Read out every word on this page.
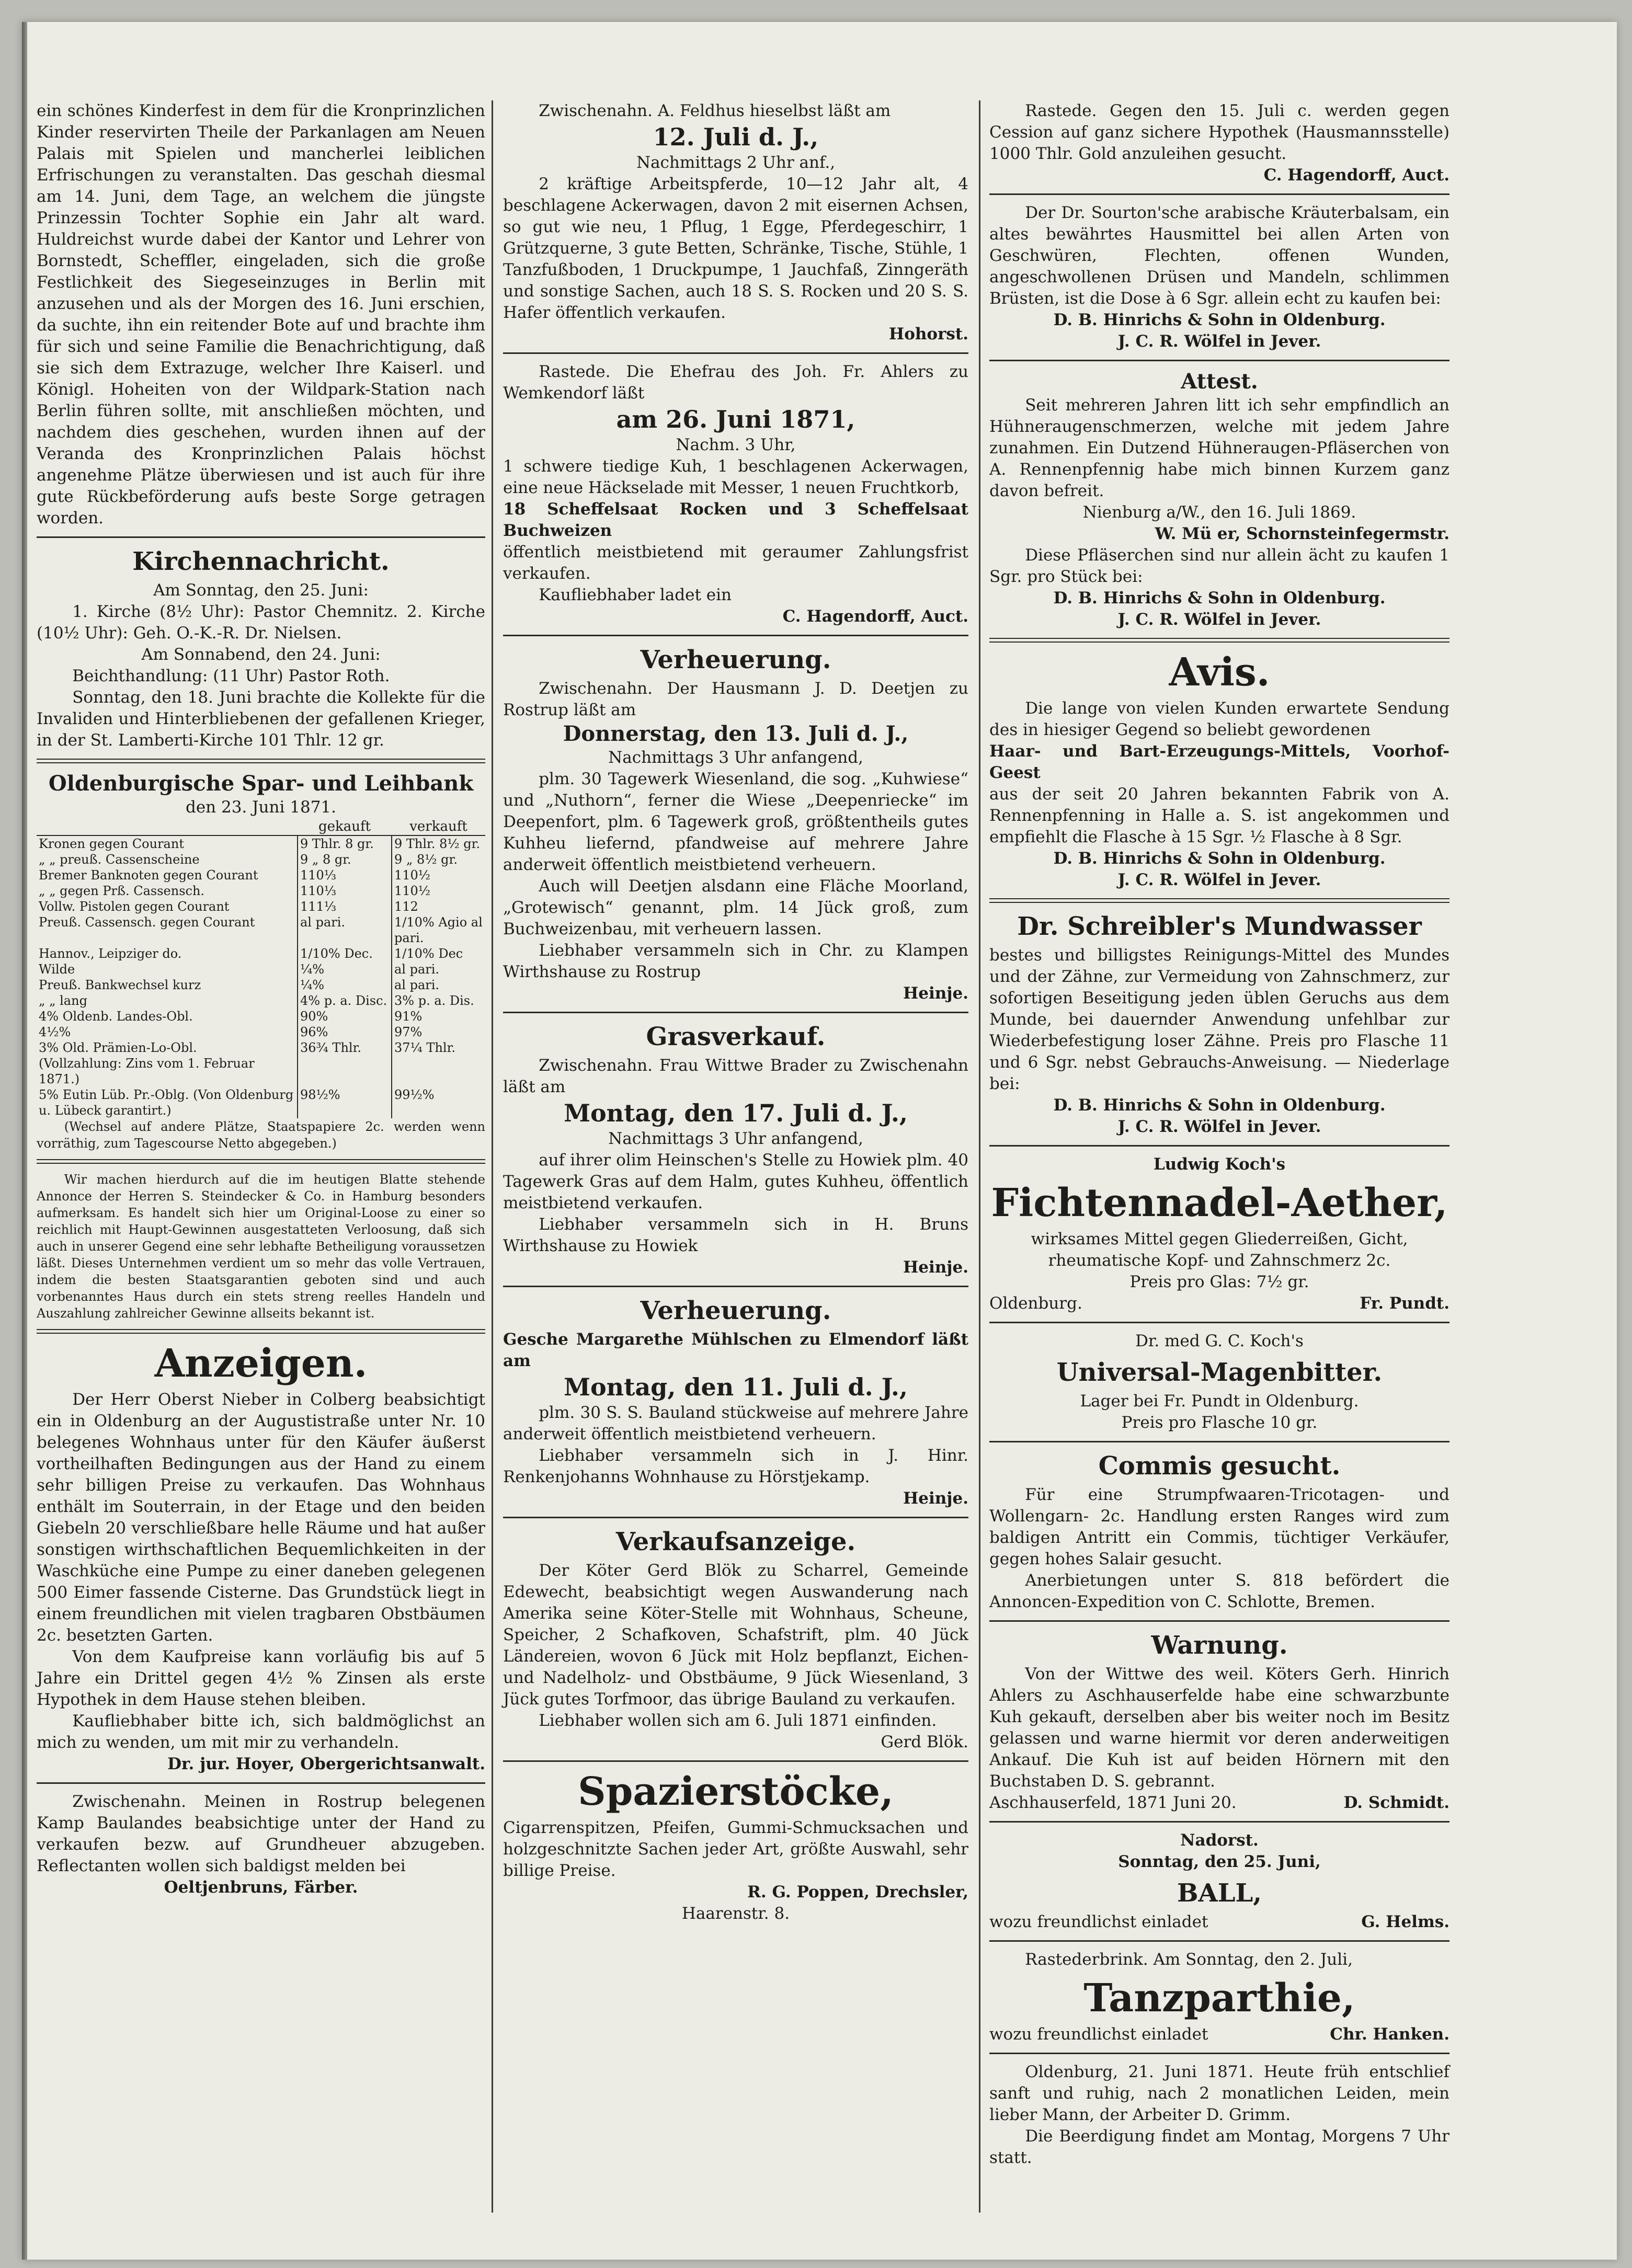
ein schönes Kinderfest in dem für die Kronprinzlichen Kinder reservirten Theile der Parkanlagen am Neuen Palais mit Spielen und mancherlei leiblichen Erfrischungen zu veranstalten. Das geschah diesmal am 14. Juni, dem Tage, an welchem die jüngste Prinzessin Tochter Sophie ein Jahr alt ward. Huldreichst wurde dabei der Kantor und Lehrer von Bornstedt, Scheffler, eingeladen, sich die große Festlichkeit des Siegeseinzuges in Berlin mit anzusehen und als der Morgen des 16. Juni erschien, da suchte, ihn ein reitender Bote auf und brachte ihm für sich und seine Familie die Benachrichtigung, daß sie sich dem Extrazuge, welcher Ihre Kaiserl. und Königl. Hoheiten von der Wildpark-Station nach Berlin führen sollte, mit anschließen möchten, und nachdem dies geschehen, wurden ihnen auf der Veranda des Kronprinzlichen Palais höchst angenehme Plätze überwiesen und ist auch für ihre gute Rückbeförderung aufs beste Sorge getragen worden.

Kirchennachricht.

Am Sonntag, den 25. Juni:

1. Kirche (8½ Uhr): Pastor Chemnitz. 2. Kirche (10½ Uhr): Geh. O.-K.-R. Dr. Nielsen.

Am Sonnabend, den 24. Juni:

Beichthandlung: (11 Uhr) Pastor Roth.

Sonntag, den 18. Juni brachte die Kollekte für die Invaliden und Hinterbliebenen der gefallenen Krieger, in der St. Lamberti-Kirche 101 Thlr. 12 gr.

Oldenburgische Spar- und Leihbank

den 23. Juni 1871.

	gekauft	verkauft
Kronen gegen Courant	9 Thlr. 8 gr.	9 Thlr. 8½ gr.
„ „ preuß. Cassenscheine	9 „ 8 gr.	9 „ 8½ gr.
Bremer Banknoten gegen Courant	110⅓	110½
„ „ gegen Prß. Cassensch.	110⅓	110½
Vollw. Pistolen gegen Courant	111⅓	112
Preuß. Cassensch. gegen Courant	al pari.	1/10% Agio al pari.
Hannov., Leipziger do.	1/10% Dec.	1/10% Dec
Wilde	¼%	al pari.
Preuß. Bankwechsel kurz	¼%	al pari.
„ „ lang	4% p. a. Disc.	3% p. a. Dis.
4% Oldenb. Landes-Obl.	90%	91%
4½%	96%	97%
3% Old. Prämien-Lo-Obl.	36¾ Thlr.	37¼ Thlr.
(Vollzahlung: Zins vom 1. Februar 1871.)		
5% Eutin Lüb. Pr.-Oblg. (Von Oldenburg u. Lübeck garantirt.)	98½%	99½%

(Wechsel auf andere Plätze, Staatspapiere 2c. werden wenn vorräthig, zum Tagescourse Netto abgegeben.)

Wir machen hierdurch auf die im heutigen Blatte stehende Annonce der Herren S. Steindecker & Co. in Hamburg besonders aufmerksam. Es handelt sich hier um Original-Loose zu einer so reichlich mit Haupt-Gewinnen ausgestatteten Verloosung, daß sich auch in unserer Gegend eine sehr lebhafte Betheiligung voraussetzen läßt. Dieses Unternehmen verdient um so mehr das volle Vertrauen, indem die besten Staatsgarantien geboten sind und auch vorbenanntes Haus durch ein stets streng reelles Handeln und Auszahlung zahlreicher Gewinne allseits bekannt ist.

Anzeigen.

Der Herr Oberst Nieber in Colberg beabsichtigt ein in Oldenburg an der Augustistraße unter Nr. 10 belegenes Wohnhaus unter für den Käufer äußerst vortheilhaften Bedingungen aus der Hand zu einem sehr billigen Preise zu verkaufen. Das Wohnhaus enthält im Souterrain, in der Etage und den beiden Giebeln 20 verschließbare helle Räume und hat außer sonstigen wirthschaftlichen Bequemlichkeiten in der Waschküche eine Pumpe zu einer daneben gelegenen 500 Eimer fassende Cisterne. Das Grundstück liegt in einem freundlichen mit vielen tragbaren Obstbäumen 2c. besetzten Garten.

Von dem Kaufpreise kann vorläufig bis auf 5 Jahre ein Drittel gegen 4½ % Zinsen als erste Hypothek in dem Hause stehen bleiben.

Kaufliebhaber bitte ich, sich baldmöglichst an mich zu wenden, um mit mir zu verhandeln.

Dr. jur. Hoyer, Obergerichtsanwalt.

Zwischenahn. Meinen in Rostrup belegenen Kamp Baulandes beabsichtige unter der Hand zu verkaufen bezw. auf Grundheuer abzugeben. Reflectanten wollen sich baldigst melden bei

Oeltjenbruns, Färber.

Zwischenahn. A. Feldhus hieselbst läßt am

12. Juli d. J.,

Nachmittags 2 Uhr anf.,

2 kräftige Arbeitspferde, 10—12 Jahr alt, 4 beschlagene Ackerwagen, davon 2 mit eisernen Achsen, so gut wie neu, 1 Pflug, 1 Egge, Pferdegeschirr, 1 Grützquerne, 3 gute Betten, Schränke, Tische, Stühle, 1 Tanzfußboden, 1 Druckpumpe, 1 Jauchfaß, Zinngeräth und sonstige Sachen, auch 18 S. S. Rocken und 20 S. S. Hafer öffentlich verkaufen.

Hohorst.

Rastede. Die Ehefrau des Joh. Fr. Ahlers zu Wemkendorf läßt

am 26. Juni 1871,

Nachm. 3 Uhr,

1 schwere tiedige Kuh, 1 beschlagenen Ackerwagen, eine neue Häckselade mit Messer, 1 neuen Fruchtkorb,

18 Scheffelsaat Rocken und 3 Scheffelsaat Buchweizen

öffentlich meistbietend mit geraumer Zahlungsfrist verkaufen.

Kaufliebhaber ladet ein

C. Hagendorff, Auct.

Verheuerung.

Zwischenahn. Der Hausmann J. D. Deetjen zu Rostrup läßt am

Donnerstag, den 13. Juli d. J.,

Nachmittags 3 Uhr anfangend,

plm. 30 Tagewerk Wiesenland, die sog. „Kuhwiese“ und „Nuthorn“, ferner die Wiese „Deepenriecke“ im Deepenfort, plm. 6 Tagewerk groß, größtentheils gutes Kuhheu liefernd, pfandweise auf mehrere Jahre anderweit öffentlich meistbietend verheuern.

Auch will Deetjen alsdann eine Fläche Moorland, „Grotewisch“ genannt, plm. 14 Jück groß, zum Buchweizenbau, mit verheuern lassen.

Liebhaber versammeln sich in Chr. zu Klampen Wirthshause zu Rostrup

Heinje.

Grasverkauf.

Zwischenahn. Frau Wittwe Brader zu Zwischenahn läßt am

Montag, den 17. Juli d. J.,

Nachmittags 3 Uhr anfangend,

auf ihrer olim Heinschen's Stelle zu Howiek plm. 40 Tagewerk Gras auf dem Halm, gutes Kuhheu, öffentlich meistbietend verkaufen.

Liebhaber versammeln sich in H. Bruns Wirthshause zu Howiek

Heinje.

Verheuerung.

Gesche Margarethe Mühlschen zu Elmendorf läßt am

Montag, den 11. Juli d. J.,

plm. 30 S. S. Bauland stückweise auf mehrere Jahre anderweit öffentlich meistbietend verheuern.

Liebhaber versammeln sich in J. Hinr. Renkenjohanns Wohnhause zu Hörstjekamp.

Heinje.

Verkaufsanzeige.

Der Köter Gerd Blök zu Scharrel, Gemeinde Edewecht, beabsichtigt wegen Auswanderung nach Amerika seine Köter-Stelle mit Wohnhaus, Scheune, Speicher, 2 Schafkoven, Schafstrift, plm. 40 Jück Ländereien, wovon 6 Jück mit Holz bepflanzt, Eichen- und Nadelholz- und Obstbäume, 9 Jück Wiesenland, 3 Jück gutes Torfmoor, das übrige Bauland zu verkaufen.

Liebhaber wollen sich am 6. Juli 1871 einfinden.

Gerd Blök.

Spazierstöcke,

Cigarrenspitzen, Pfeifen, Gummi-Schmucksachen und holzgeschnitzte Sachen jeder Art, größte Auswahl, sehr billige Preise.

R. G. Poppen, Drechsler,

Haarenstr. 8.

Rastede. Gegen den 15. Juli c. werden gegen Cession auf ganz sichere Hypothek (Hausmannsstelle) 1000 Thlr. Gold anzuleihen gesucht.

C. Hagendorff, Auct.

Der Dr. Sourton'sche arabische Kräuterbalsam, ein altes bewährtes Hausmittel bei allen Arten von Geschwüren, Flechten, offenen Wunden, angeschwollenen Drüsen und Mandeln, schlimmen Brüsten, ist die Dose à 6 Sgr. allein echt zu kaufen bei:

D. B. Hinrichs & Sohn in Oldenburg.

J. C. R. Wölfel in Jever.

Attest.

Seit mehreren Jahren litt ich sehr empfindlich an Hühneraugenschmerzen, welche mit jedem Jahre zunahmen. Ein Dutzend Hühneraugen-Pfläserchen von A. Rennenpfennig habe mich binnen Kurzem ganz davon befreit.

Nienburg a/W., den 16. Juli 1869.

W. Mü er, Schornsteinfegermstr.

Diese Pfläserchen sind nur allein ächt zu kaufen 1 Sgr. pro Stück bei:

D. B. Hinrichs & Sohn in Oldenburg.

J. C. R. Wölfel in Jever.

Avis.

Die lange von vielen Kunden erwartete Sendung des in hiesiger Gegend so beliebt gewordenen

Haar- und Bart-Erzeugungs-Mittels, Voorhof-Geest

aus der seit 20 Jahren bekannten Fabrik von A. Rennenpfenning in Halle a. S. ist angekommen und empfiehlt die Flasche à 15 Sgr. ½ Flasche à 8 Sgr.

D. B. Hinrichs & Sohn in Oldenburg.

J. C. R. Wölfel in Jever.

Dr. Schreibler's Mundwasser

bestes und billigstes Reinigungs-Mittel des Mundes und der Zähne, zur Vermeidung von Zahnschmerz, zur sofortigen Beseitigung jeden üblen Geruchs aus dem Munde, bei dauernder Anwendung unfehlbar zur Wiederbefestigung loser Zähne. Preis pro Flasche 11 und 6 Sgr. nebst Gebrauchs-Anweisung. — Niederlage bei:

D. B. Hinrichs & Sohn in Oldenburg.

J. C. R. Wölfel in Jever.

Ludwig Koch's

Fichtennadel-Aether,

wirksames Mittel gegen Gliederreißen, Gicht, rheumatische Kopf- und Zahnschmerz 2c.

Preis pro Glas: 7½ gr.

Oldenburg.	Fr. Pundt.

Dr. med G. C. Koch's

Universal-Magenbitter.

Lager bei Fr. Pundt in Oldenburg.

Preis pro Flasche 10 gr.

Commis gesucht.

Für eine Strumpfwaaren-Tricotagen- und Wollengarn- 2c. Handlung ersten Ranges wird zum baldigen Antritt ein Commis, tüchtiger Verkäufer, gegen hohes Salair gesucht.

Anerbietungen unter S. 818 befördert die Annoncen-Expedition von C. Schlotte, Bremen.

Warnung.

Von der Wittwe des weil. Köters Gerh. Hinrich Ahlers zu Aschhauserfelde habe eine schwarzbunte Kuh gekauft, derselben aber bis weiter noch im Besitz gelassen und warne hiermit vor deren anderweitigen Ankauf. Die Kuh ist auf beiden Hörnern mit den Buchstaben D. S. gebrannt.

Aschhauserfeld, 1871 Juni 20.	D. Schmidt.

Nadorst.

Sonntag, den 25. Juni,

BALL,
wozu freundlichst einladet	G. Helms.

Rastederbrink. Am Sonntag, den 2. Juli,

Tanzparthie,
wozu freundlichst einladet	Chr. Hanken.

Oldenburg, 21. Juni 1871. Heute früh entschlief sanft und ruhig, nach 2 monatlichen Leiden, mein lieber Mann, der Arbeiter D. Grimm.

Die Beerdigung findet am Montag, Morgens 7 Uhr statt.
